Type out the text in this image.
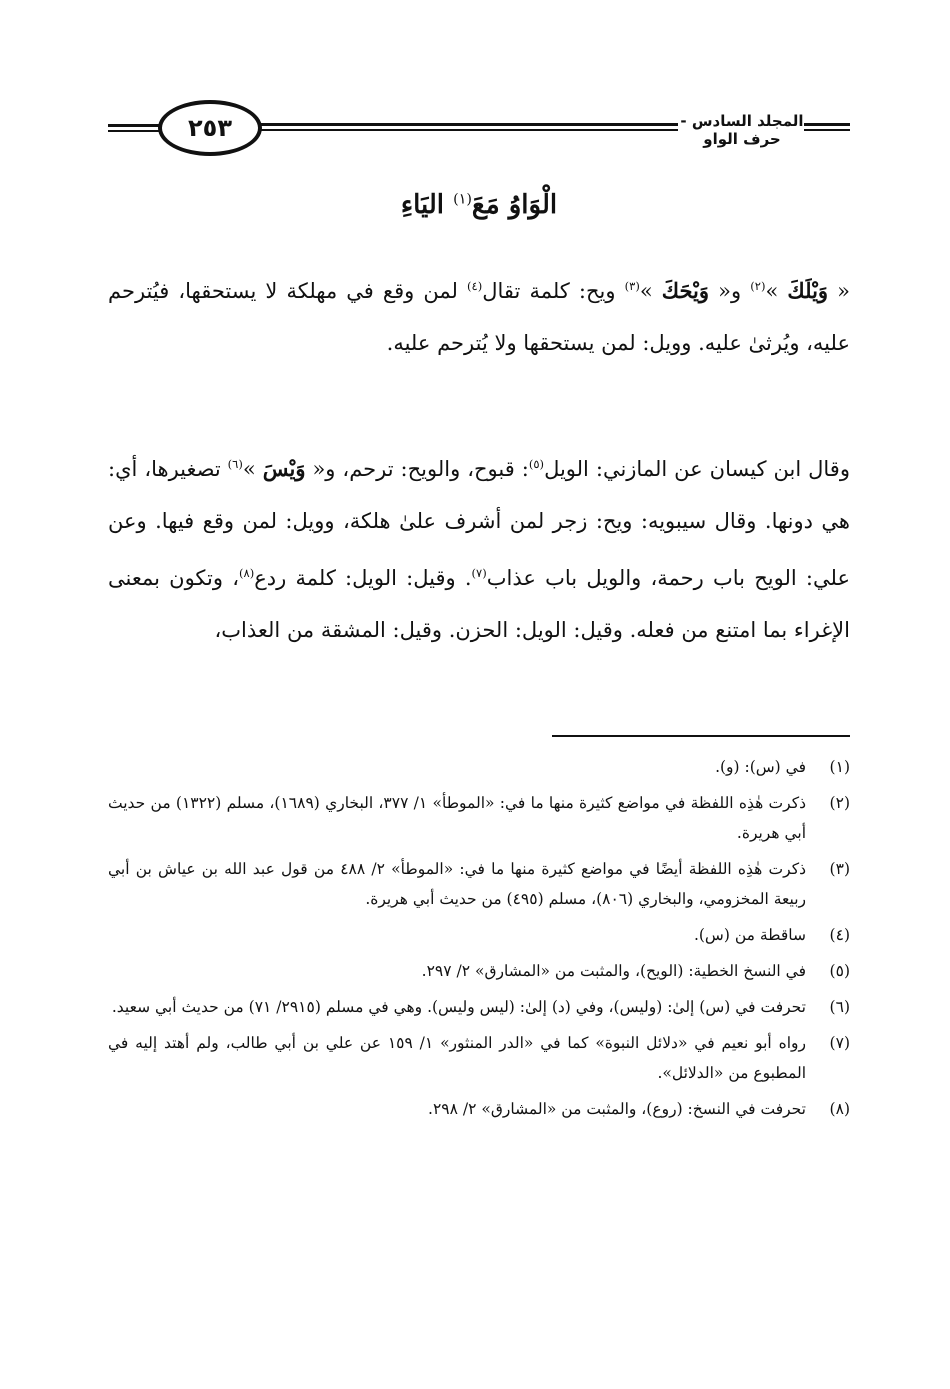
٢٥٣	المجلد السادس - حرف الواو
الْوَاوُ مَعَ$^{(١)}$ اليَاءِ
« وَيْلَكَ »$^{(٢)}$ و« وَيْحَكَ »$^{(٣)}$ ويح: كلمة تقال$^{(٤)}$ لمن وقع في مهلكة لا يستحقها، فيُترحم عليه، ويُرثىٰ عليه. وويل: لمن يستحقها ولا يُترحم عليه.
وقال ابن كيسان عن المازني: الويل$^{(٥)}$: قبوح، والويح: ترحم، و« وَيْسَ »$^{(٦)}$ تصغيرها، أي: هي دونها. وقال سيبويه: ويح: زجر لمن أشرف علىٰ هلكة، وويل: لمن وقع فيها. وعن علي: الويح باب رحمة، والويل باب عذاب$^{(٧)}$. وقيل: الويل: كلمة ردع$^{(٨)}$، وتكون بمعنى الإغراء بما امتنع من فعله. وقيل: الويل: الحزن. وقيل: المشقة من العذاب،
(١)
في (س): (و).
(٢)
ذكرت هٰذِه اللفظة في مواضع كثيرة منها ما في: «الموطأ» ١/ ٣٧٧، البخاري (١٦٨٩)، مسلم (١٣٢٢) من حديث أبي هريرة.
(٣)
ذكرت هٰذِه اللفظة أيضًا في مواضع كثيرة منها ما في: «الموطأ» ٢/ ٤٨٨ من قول عبد الله بن عياش بن أبي ربيعة المخزومي، والبخاري (٨٠٦)، مسلم (٤٩٥) من حديث أبي هريرة.
(٤)
ساقطة من (س).
(٥)
في النسخ الخطية: (الويح)، والمثبت من «المشارق» ٢/ ٢٩٧.
(٦)
تحرفت في (س) إلىٰ: (وليس)، وفي (د) إلىٰ: (ليس وليس). وهي في مسلم (٢٩١٥/ ٧١) من حديث أبي سعيد.
(٧)
رواه أبو نعيم في «دلائل النبوة» كما في «الدر المنثور» ١/ ١٥٩ عن علي بن أبي طالب، ولم أهتد إليه في المطبوع من «الدلائل».
(٨)
تحرفت في النسخ: (روع)، والمثبت من «المشارق» ٢/ ٢٩٨.
